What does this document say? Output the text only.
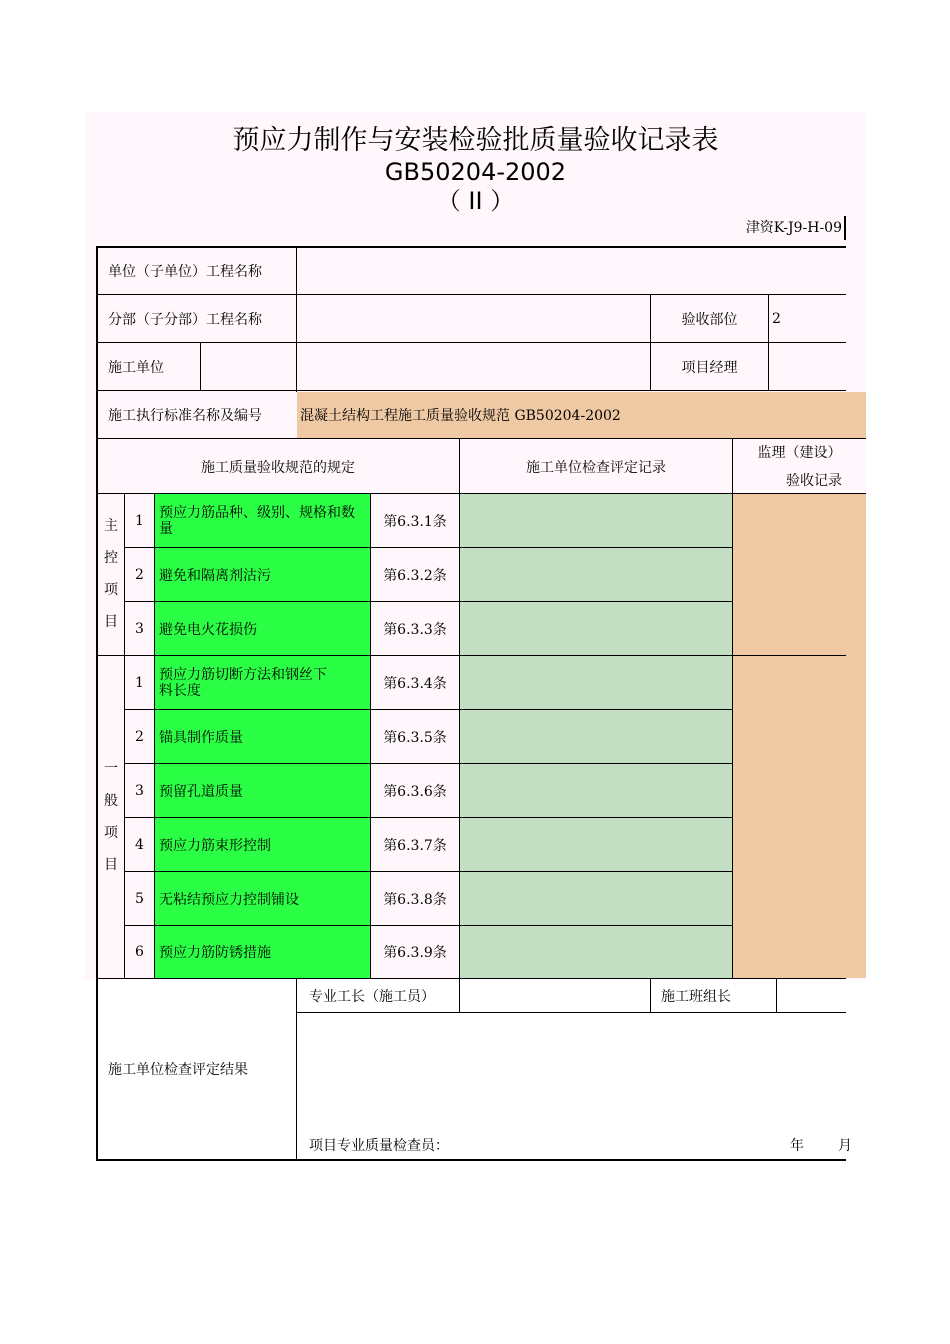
预应力制作与安装检验批质量验收记录表
GB50204-2002
（ II ）
津资K-J9-H-09
单位（子单位）工程名称
分部（子分部）工程名称	验收部位	2
施工单位	项目经理
施工执行标准名称及编号	混凝土结构工程施工质量验收规范 GB50204-2002
施工质量验收规范的规定	施工单位检查评定记录
监理（建设）
验收记录
主
控
项
目
1	预应力筋品种、级别、规格和数量	第6.3.1条
2	避免和隔离剂沽污	第6.3.2条
3	避免电火花损伤	第6.3.3条
一
般
项
目
1	预应力筋切断方法和钢丝下料长度	第6.3.4条
2	锚具制作质量	第6.3.5条
3	预留孔道质量	第6.3.6条
4	预应力筋束形控制	第6.3.7条
5	无粘结预应力控制铺设	第6.3.8条
6	预应力筋防锈措施	第6.3.9条
施工单位检查评定结果
专业工长（施工员）	施工班组长
项目专业质量检查员：	年	月
